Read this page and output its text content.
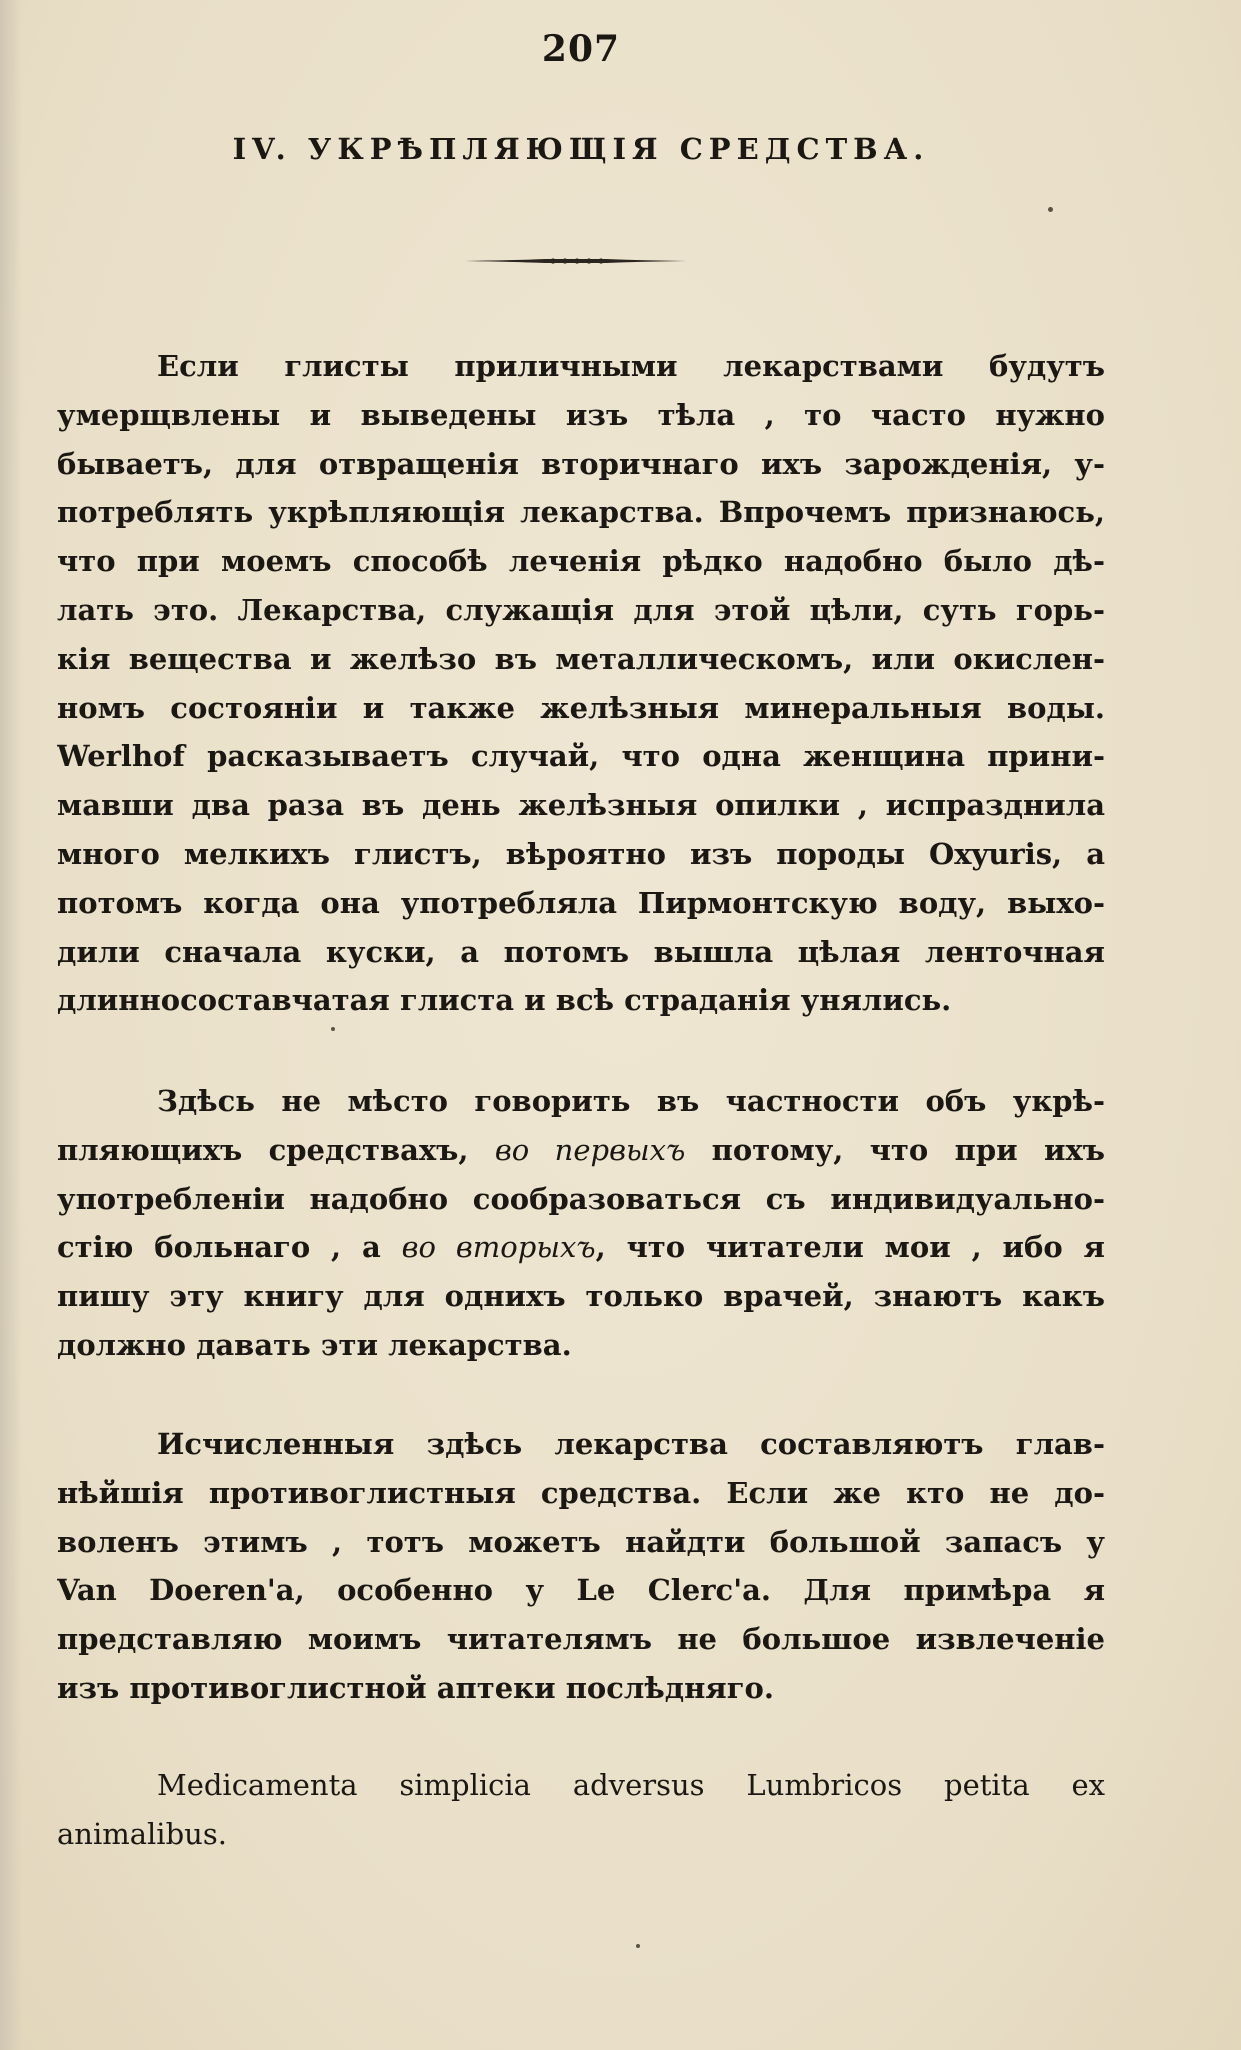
207
IV. УКРѢПЛЯЮЩІЯ СРЕДСТВА.
Если глисты приличными лекарствами будутъ
умерщвлены и выведены изъ тѣла , то часто нужно
бываетъ, для отвращенія вторичнаго ихъ зарожденія, у-
потреблять укрѣпляющія лекарства. Впрочемъ признаюсь,
что при моемъ способѣ леченія рѣдко надобно было дѣ-
лать это. Лекарства, служащія для этой цѣли, суть горь-
кія вещества и желѣзо въ металлическомъ, или окислен-
номъ состояніи и также желѣзныя минеральныя воды.
Werlhof расказываетъ случай, что одна женщина прини-
мавши два раза въ день желѣзныя опилки , испразднила
много мелкихъ глистъ, вѣроятно изъ породы Oxyuris, а
потомъ когда она употребляла Пирмонтскую воду, выхо-
дили сначала куски, а потомъ вышла цѣлая ленточная
длинносоставчатая глиста и всѣ страданія унялись.
Здѣсь не мѣсто говорить въ частности объ укрѣ-
пляющихъ средствахъ, во первыхъ потому, что при ихъ
употребленіи надобно сообразоваться съ индивидуально-
стію больнаго , а во вторыхъ, что читатели мои , ибо я
пишу эту книгу для однихъ только врачей, знаютъ какъ
должно давать эти лекарства.
Исчисленныя здѣсь лекарства составляютъ глав-
нѣйшія противоглистныя средства. Если же кто не до-
воленъ этимъ , тотъ можетъ найдти большой запасъ у
Van Doeren'а, особенно у Le Clerc'а. Для примѣра я
представляю моимъ читателямъ не большое извлеченіе
изъ противоглистной аптеки послѣдняго.
Medicamenta simplicia adversus Lumbricos petita ex
animalibus.
